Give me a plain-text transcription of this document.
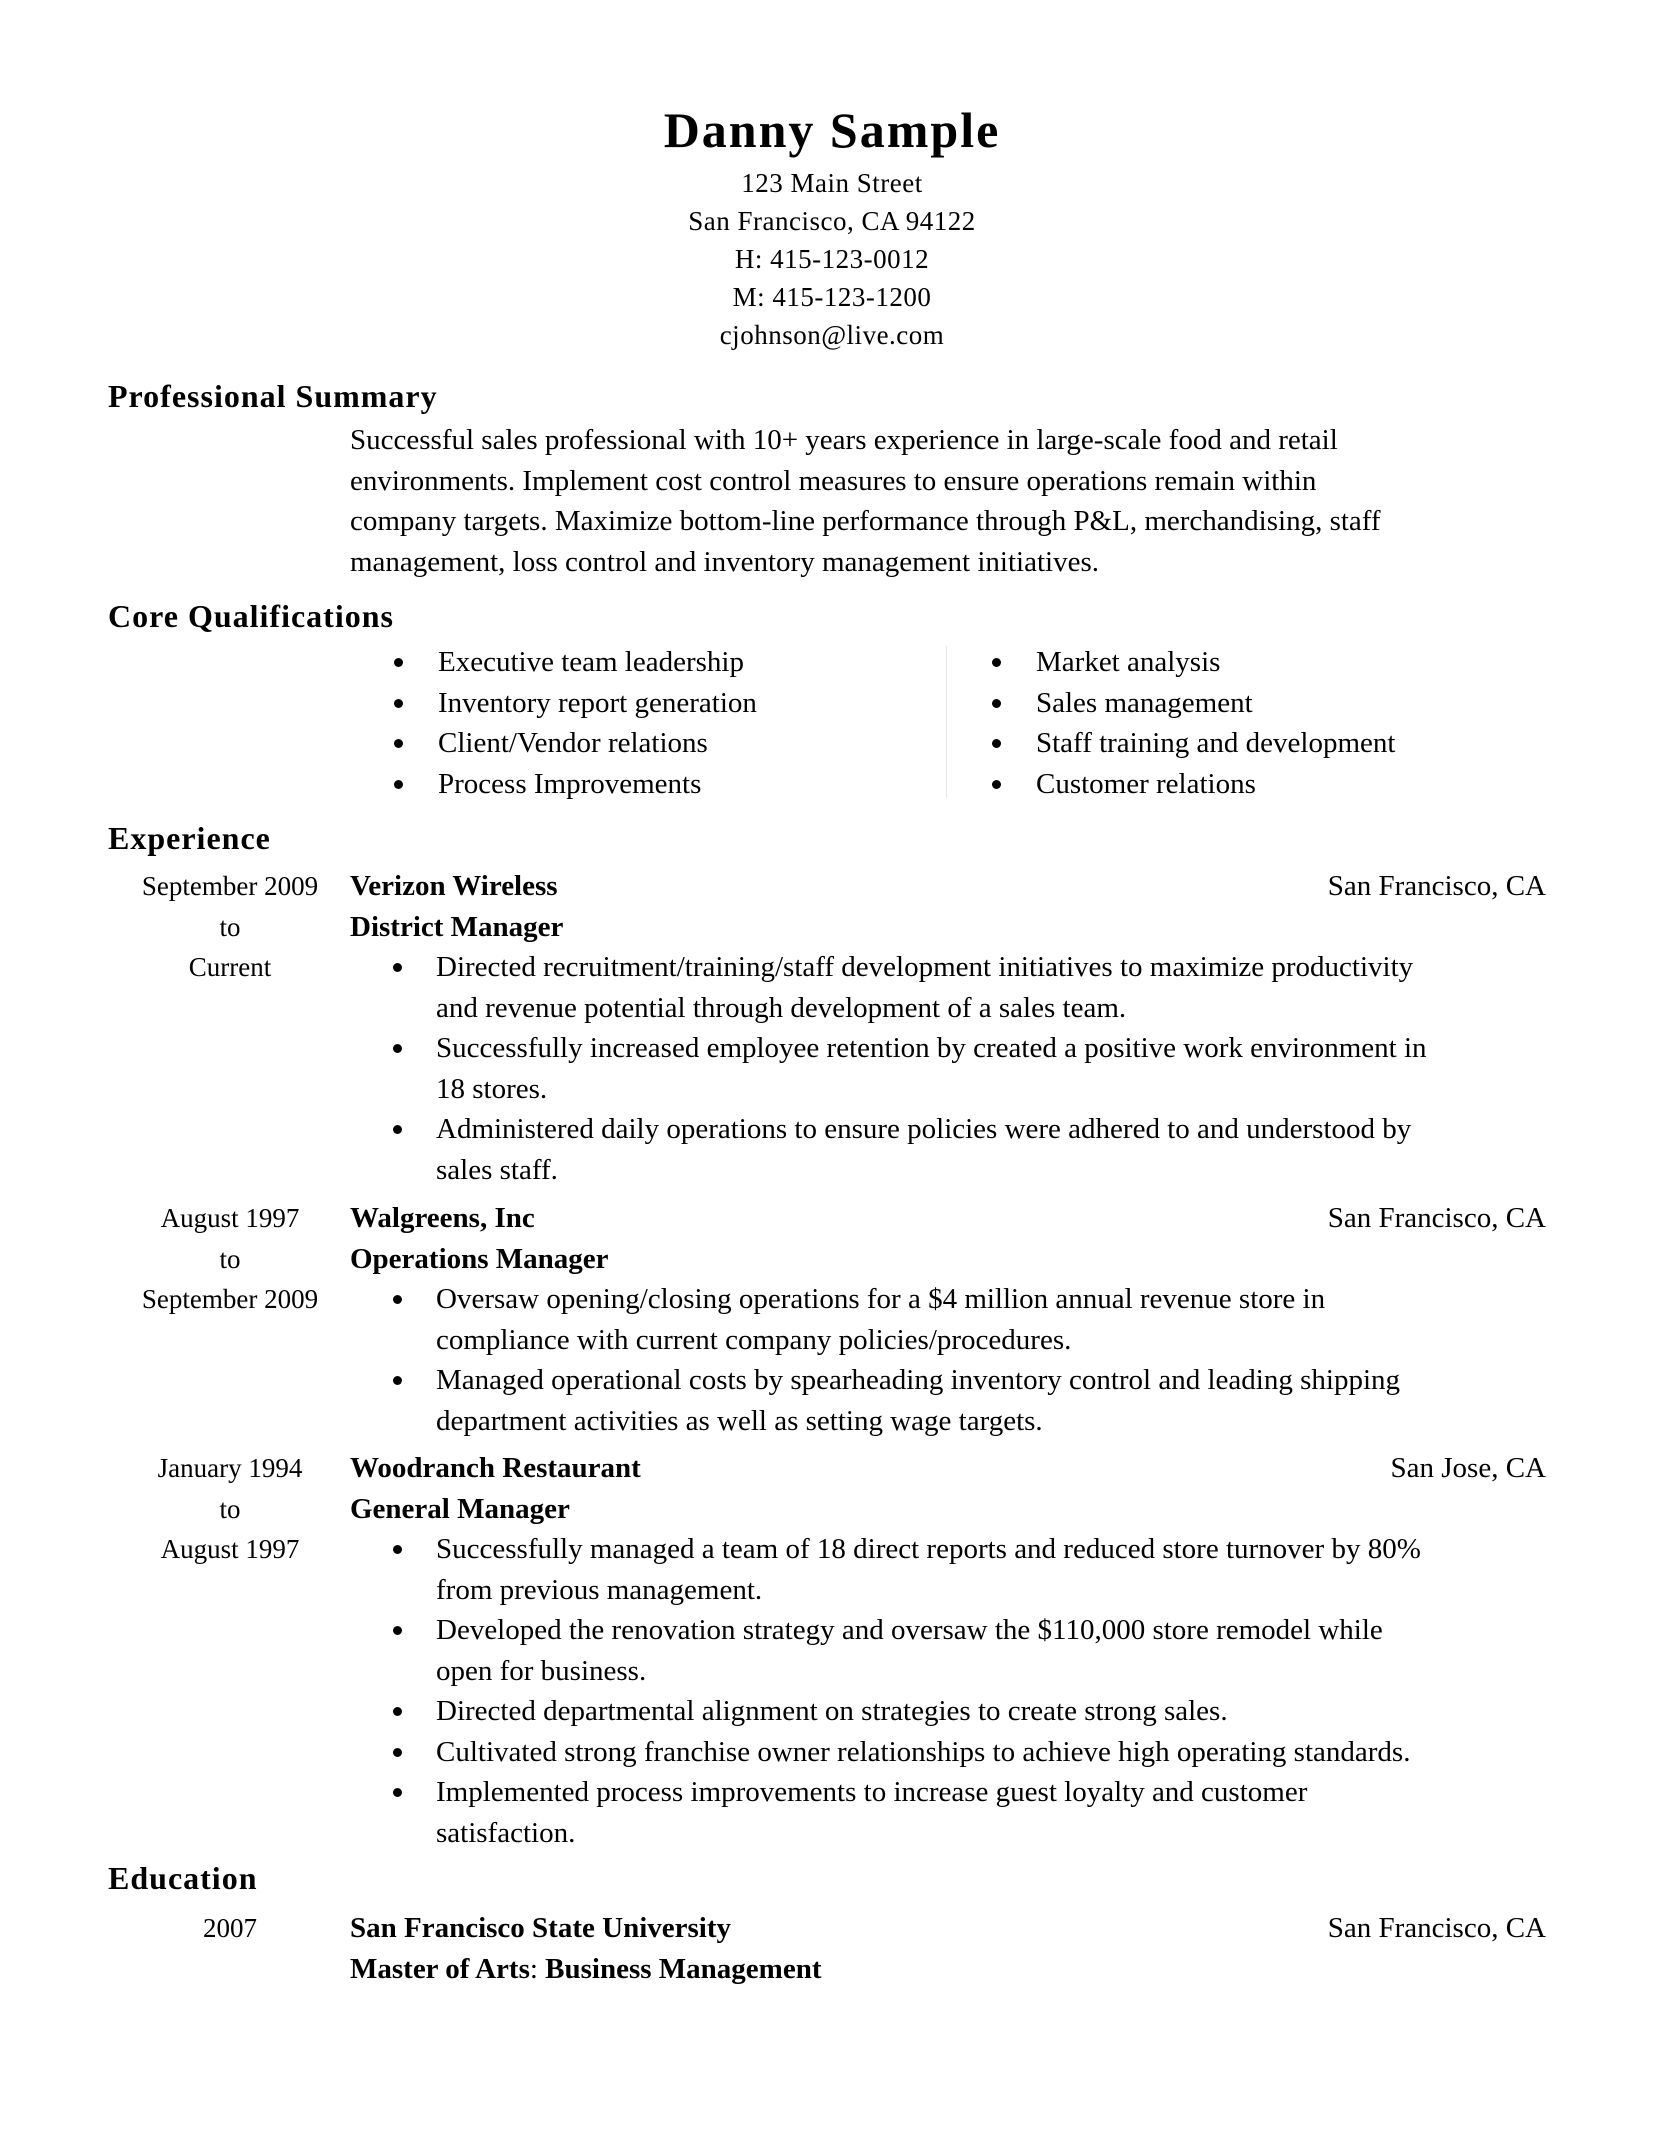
Danny Sample
123 Main Street
San Francisco, CA 94122
H: 415-123-0012
M: 415-123-1200
cjohnson@live.com
Professional Summary
Successful sales professional with 10+ years experience in large-scale food and retail
environments. Implement cost control measures to ensure operations remain within
company targets. Maximize bottom-line performance through P&L, merchandising, staff
management, loss control and inventory management initiatives.
Core Qualifications
Executive team leadership
Inventory report generation
Client/Vendor relations
Process Improvements
Market analysis
Sales management
Staff training and development
Customer relations
Experience
September 2009
to
Current
Verizon Wireless	San Francisco, CA
District Manager
Directed recruitment/training/staff development initiatives to maximize productivity
and revenue potential through development of a sales team.
Successfully increased employee retention by created a positive work environment in
18 stores.
Administered daily operations to ensure policies were adhered to and understood by
sales staff.
August 1997
to
September 2009
Walgreens, Inc	San Francisco, CA
Operations Manager
Oversaw opening/closing operations for a $4 million annual revenue store in
compliance with current company policies/procedures.
Managed operational costs by spearheading inventory control and leading shipping
department activities as well as setting wage targets.
January 1994
to
August 1997
Woodranch Restaurant	San Jose, CA
General Manager
Successfully managed a team of 18 direct reports and reduced store turnover by 80%
from previous management.
Developed the renovation strategy and oversaw the $110,000 store remodel while
open for business.
Directed departmental alignment on strategies to create strong sales.
Cultivated strong franchise owner relationships to achieve high operating standards.
Implemented process improvements to increase guest loyalty and customer
satisfaction.
Education
2007	San Francisco State University	San Francisco, CA
Master of Arts: Business Management
